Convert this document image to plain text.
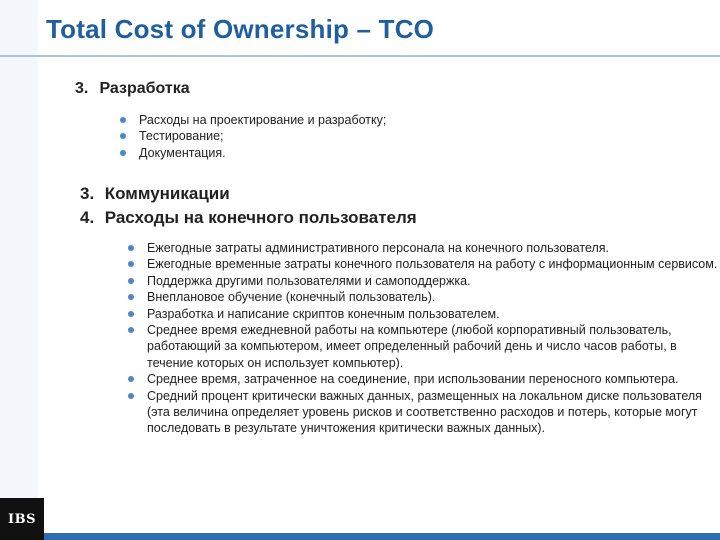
Total Cost of Ownership – TCO
3. Разработка
Расходы на проектирование и разработку;
Тестирование;
Документация.
3. Коммуникации
4. Расходы на конечного пользователя
Ежегодные затраты административного персонала на конечного пользователя.
Ежегодные временные затраты конечного пользователя на работу с информационным сервисом.
Поддержка другими пользователями и самоподдержка.
Внеплановое обучение (конечный пользователь).
Разработка и написание скриптов конечным пользователем.
Среднее время ежедневной работы на компьютере (любой корпоративный пользователь, работающий за компьютером, имеет определенный рабочий день и число часов работы, в течение которых он использует компьютер).
Среднее время, затраченное на соединение, при использовании переносного компьютера.
Средний процент критически важных данных, размещенных на локальном диске пользователя (эта величина определяет уровень рисков и соответственно расходов и потерь, которые могут последовать в результате уничтожения критически важных данных).
IBS
